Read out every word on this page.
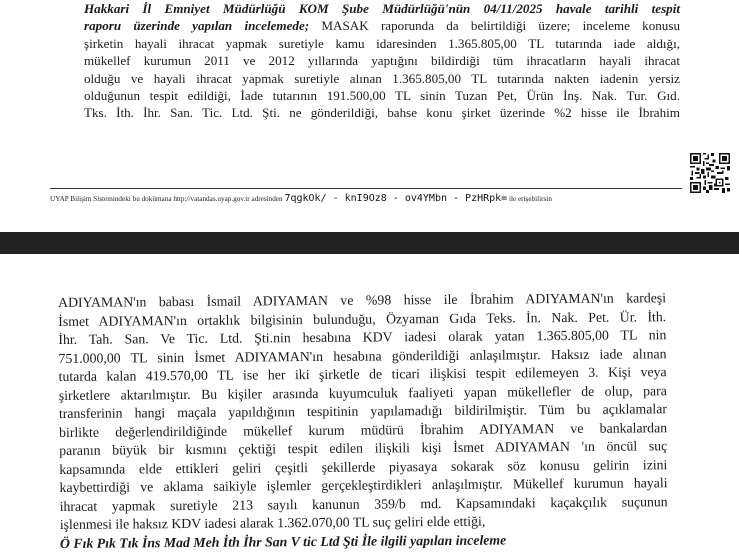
Hakkari İl Emniyet Müdürlüğü KOM Şube Müdürlüğü'nün 04/11/2025 havale tarihli tespit
raporu üzerinde yapılan incelemede; MASAK raporunda da belirtildiği üzere; inceleme konusu
şirketin hayali ihracat yapmak suretiyle kamu idaresinden 1.365.805,00 TL tutarında iade aldığı,
mükellef kurumun 2011 ve 2012 yıllarında yaptığını bildirdiği tüm ihracatların hayali ihracat
olduğu ve hayali ihracat yapmak suretiyle alınan 1.365.805,00 TL tutarında nakten iadenin yersiz
olduğunun tespit edildiği, İade tutarının 191.500,00 TL sinin Tuzan Pet, Ürün İnş. Nak. Tur. Gıd.
Tks. İth. İhr. San. Tic. Ltd. Şti. ne gönderildiği, bahse konu şirket üzerinde %2 hisse ile İbrahim
UYAP Bilişim Sistemindeki bu dokümana http://vatandas.uyap.gov.tr adresinden 7qgkOk/ - knI9Oz8 - ov4YMbn - PzHRpk= ile erişebilirsin
ADIYAMAN'ın babası İsmail ADIYAMAN ve %98 hisse ile İbrahim ADIYAMAN'ın kardeşi
İsmet ADIYAMAN'ın ortaklık bilgisinin bulunduğu, Özyaman Gıda Teks. İn. Nak. Pet. Ür. İth.
İhr. Tah. San. Ve Tic. Ltd. Şti.nin hesabına KDV iadesi olarak yatan 1.365.805,00 TL nin
751.000,00 TL sinin İsmet ADIYAMAN'ın hesabına gönderildiği anlaşılmıştır. Haksız iade alınan
tutarda kalan 419.570,00 TL ise her iki şirketle de ticari ilişkisi tespit edilemeyen 3. Kişi veya
şirketlere aktarılmıştır. Bu kişiler arasında kuyumculuk faaliyeti yapan mükellefler de olup, para
transferinin hangi maçala yapıldığının tespitinin yapılamadığı bildirilmiştir. Tüm bu açıklamalar
birlikte değerlendirildiğinde mükellef kurum müdürü İbrahim ADIYAMAN ve bankalardan
paranın büyük bir kısmını çektiği tespit edilen ilişkili kişi İsmet ADIYAMAN 'ın öncül suç
kapsamında elde ettikleri geliri çeşitli şekillerde piyasaya sokarak söz konusu gelirin izini
kaybettirdiği ve aklama saikiyle işlemler gerçekleştirdikleri anlaşılmıştır. Mükellef kurumun hayali
ihracat yapmak suretiyle 213 sayılı kanunun 359/b md. Kapsamındaki kaçakçılık suçunun
işlenmesi ile haksız KDV iadesi alarak 1.362.070,00 TL suç geliri elde ettiği,
Ö Fık Pık Tık İns Mad Meh İth İhr San V tic Ltd Şti İle ilgili yapılan inceleme
